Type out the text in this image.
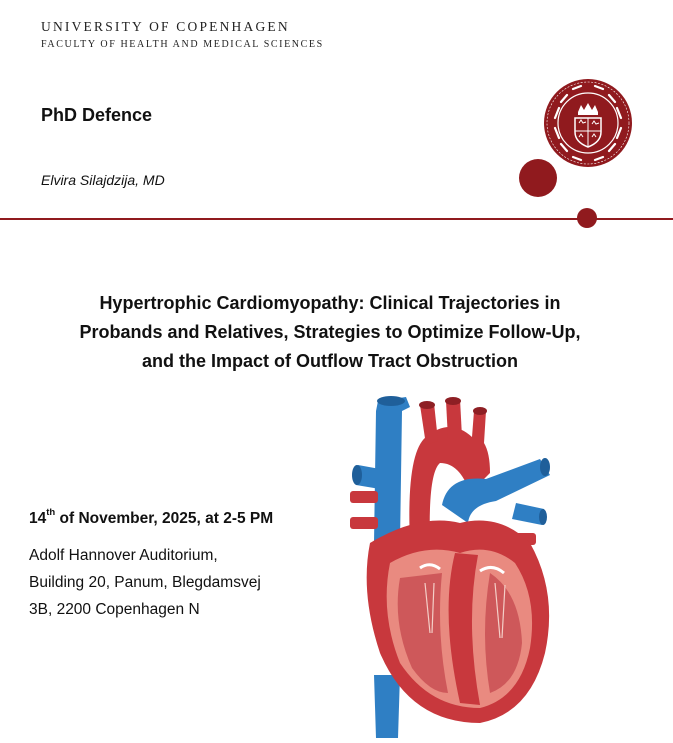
UNIVERSITY OF COPENHAGEN
FACULTY OF HEALTH AND MEDICAL SCIENCES
PhD Defence
Elvira Silajdzija, MD
Hypertrophic Cardiomyopathy: Clinical Trajectories in
Probands and Relatives, Strategies to Optimize Follow-Up,
and the Impact of Outflow Tract Obstruction
14th of November, 2025, at 2-5 PM
Adolf Hannover Auditorium,
Building 20, Panum, Blegdamsvej
3B, 2200 Copenhagen N
